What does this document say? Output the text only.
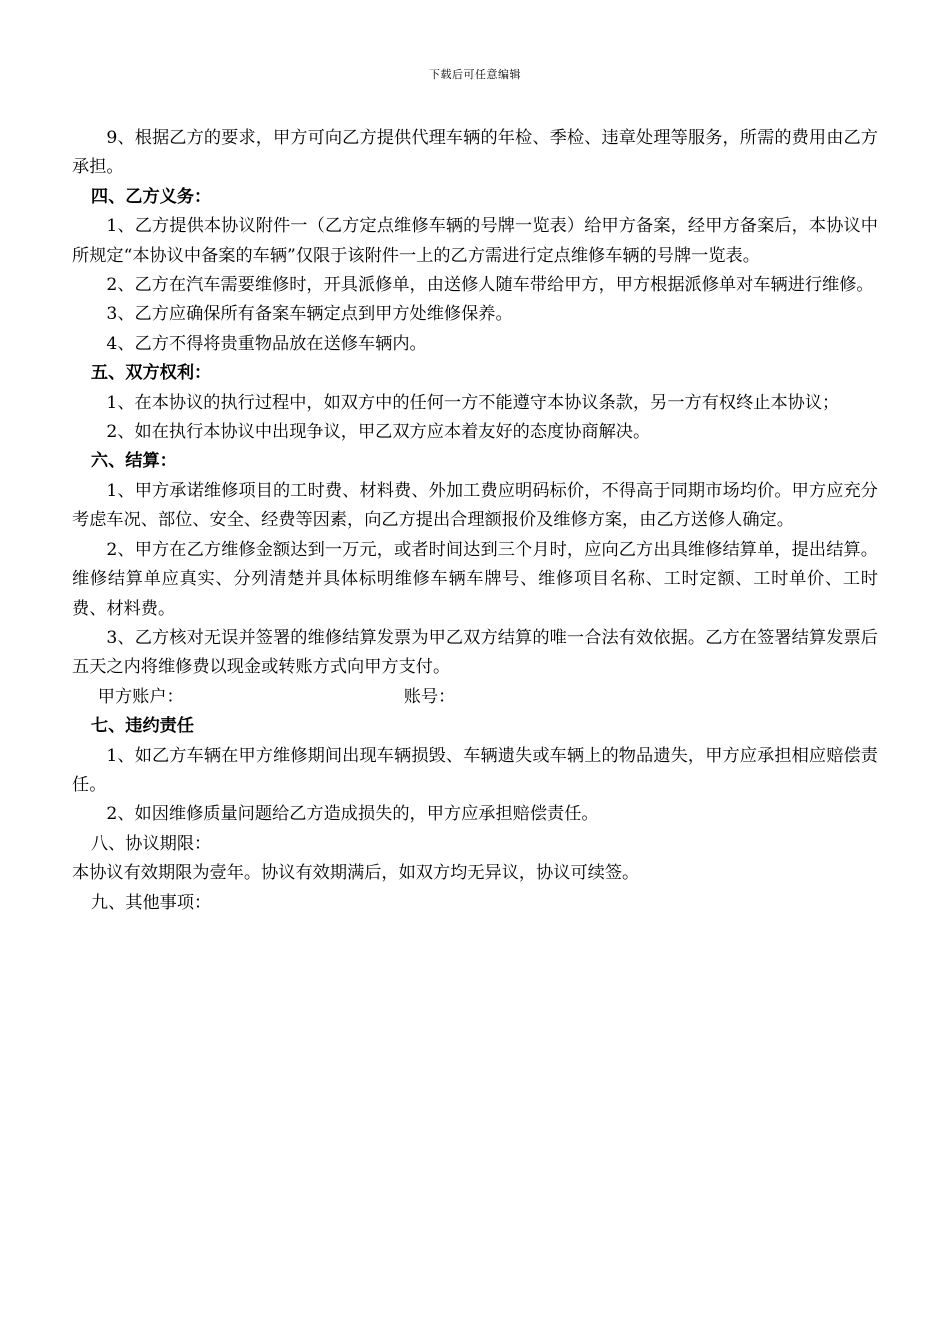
下载后可任意编辑

9、根据乙方的要求，甲方可向乙方提供代理车辆的年检、季检、违章处理等服务，所需的费用由乙方承担。

四、乙方义务：

1、乙方提供本协议附件一（乙方定点维修车辆的号牌一览表）给甲方备案，经甲方备案后，本协议中所规定“本协议中备案的车辆”仅限于该附件一上的乙方需进行定点维修车辆的号牌一览表。

2、乙方在汽车需要维修时，开具派修单，由送修人随车带给甲方，甲方根据派修单对车辆进行维修。

3、乙方应确保所有备案车辆定点到甲方处维修保养。

4、乙方不得将贵重物品放在送修车辆内。

五、双方权利：

1、在本协议的执行过程中，如双方中的任何一方不能遵守本协议条款，另一方有权终止本协议；

2、如在执行本协议中出现争议，甲乙双方应本着友好的态度协商解决。

六、结算：

1、甲方承诺维修项目的工时费、材料费、外加工费应明码标价，不得高于同期市场均价。甲方应充分考虑车况、部位、安全、经费等因素，向乙方提出合理额报价及维修方案，由乙方送修人确定。

2、甲方在乙方维修金额达到一万元，或者时间达到三个月时，应向乙方出具维修结算单，提出结算。维修结算单应真实、分列清楚并具体标明维修车辆车牌号、维修项目名称、工时定额、工时单价、工时费、材料费。

3、乙方核对无误并签署的维修结算发票为甲乙双方结算的唯一合法有效依据。乙方在签署结算发票后五天之内将维修费以现金或转账方式向甲方支付。

甲方账户：	账号：

七、违约责任

1、如乙方车辆在甲方维修期间出现车辆损毁、车辆遗失或车辆上的物品遗失，甲方应承担相应赔偿责任。

2、如因维修质量问题给乙方造成损失的，甲方应承担赔偿责任。

八、协议期限：

本协议有效期限为壹年。协议有效期满后，如双方均无异议，协议可续签。

九、其他事项：
